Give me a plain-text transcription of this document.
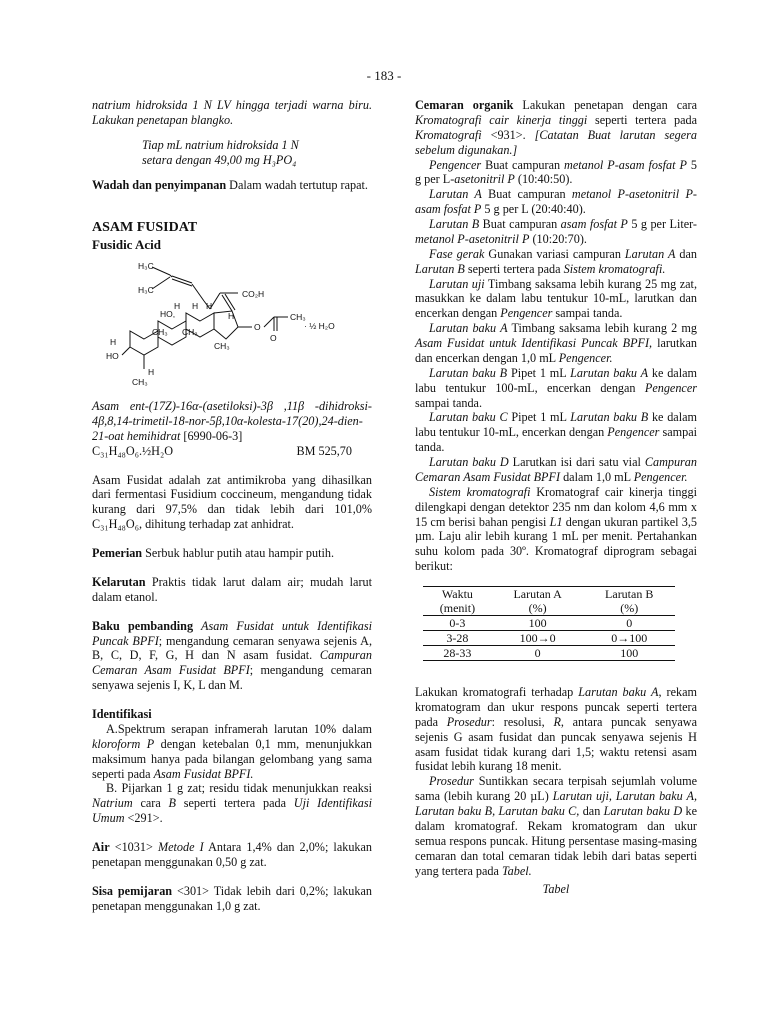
- 183 -

natrium hidroksida 1 N LV hingga terjadi warna biru. Lakukan penetapan blangko.

Tiap mL natrium hidroksida 1 N

setara dengan 49,00 mg H₃PO₄

Wadah dan penyimpanan Dalam wadah tertutup rapat.

ASAM FUSIDAT

Fusidic Acid

H₃C
H₃C	CO₂H
HO,
CH₃ CH₃
CH₃
CH₃
HO
O
O
CH₃
· ½ H₂O
H H
H
H
H
H

Asam ent-(17Z)-16α-(asetiloksi)-3β ,11β -dihidroksi-4β,8,14-trimetil-18-nor-5β,10α-kolesta-17(20),24-dien-21-oat hemihidrat [6990-06-3]

C₃₁H₄₈O₆.½H₂O	BM 525,70

Asam Fusidat adalah zat antimikroba yang dihasilkan dari fermentasi Fusidium coccineum, mengandung tidak kurang dari 97,5% dan tidak lebih dari 101,0% C₃₁H₄₈O₆, dihitung terhadap zat anhidrat.

Pemerian Serbuk hablur putih atau hampir putih.

Kelarutan Praktis tidak larut dalam air; mudah larut dalam etanol.

Baku pembanding Asam Fusidat untuk Identifikasi Puncak BPFI; mengandung cemaran senyawa sejenis A, B, C, D, F, G, H dan N asam fusidat. Campuran Cemaran Asam Fusidat BPFI; mengandung cemaran senyawa sejenis I, K, L dan M.

Identifikasi

A.Spektrum serapan inframerah larutan 10% dalam kloroform P dengan ketebalan 0,1 mm, menunjukkan maksimum hanya pada bilangan gelombang yang sama seperti pada Asam Fusidat BPFI.

B. Pijarkan 1 g zat; residu tidak menunjukkan reaksi Natrium cara B seperti tertera pada Uji Identifikasi Umum <291>.

Air <1031> Metode I Antara 1,4% dan 2,0%; lakukan penetapan menggunakan 0,50 g zat.

Sisa pemijaran <301> Tidak lebih dari 0,2%; lakukan penetapan menggunakan 1,0 g zat.

Cemaran organik Lakukan penetapan dengan cara Kromatografi cair kinerja tinggi seperti tertera pada Kromatografi <931>. [Catatan Buat larutan segera sebelum digunakan.]

Pengencer Buat campuran metanol P-asam fosfat P 5 g per L-asetonitril P (10:40:50).

Larutan A Buat campuran metanol P-asetonitril P-asam fosfat P 5 g per L (20:40:40).

Larutan B Buat campuran asam fosfat P 5 g per Liter-metanol P-asetonitril P (10:20:70).

Fase gerak Gunakan variasi campuran Larutan A dan Larutan B seperti tertera pada Sistem kromatografi.

Larutan uji Timbang saksama lebih kurang 25 mg zat, masukkan ke dalam labu tentukur 10-mL, larutkan dan encerkan dengan Pengencer sampai tanda.

Larutan baku A Timbang saksama lebih kurang 2 mg Asam Fusidat untuk Identifikasi Puncak BPFI, larutkan dan encerkan dengan 1,0 mL Pengencer.

Larutan baku B Pipet 1 mL Larutan baku A ke dalam labu tentukur 100-mL, encerkan dengan Pengencer sampai tanda.

Larutan baku C Pipet 1 mL Larutan baku B ke dalam labu tentukur 10-mL, encerkan dengan Pengencer sampai tanda.

Larutan baku D Larutkan isi dari satu vial Campuran Cemaran Asam Fusidat BPFI dalam 1,0 mL Pengencer.

Sistem kromatografi Kromatograf cair kinerja tinggi dilengkapi dengan detektor 235 nm dan kolom 4,6 mm x 15 cm berisi bahan pengisi L1 dengan ukuran partikel 3,5 µm. Laju alir lebih kurang 1 mL per menit. Pertahankan suhu kolom pada 30º. Kromatograf diprogram sebagai berikut:

Waktu	Larutan A	Larutan B
(menit)	(%)	(%)
0-3	100	0
3-28	100→0	0→100
28-33	0	100

Lakukan kromatografi terhadap Larutan baku A, rekam kromatogram dan ukur respons puncak seperti tertera pada Prosedur: resolusi, R, antara puncak senyawa sejenis G asam fusidat dan puncak senyawa sejenis H asam fusidat tidak kurang dari 1,5; waktu retensi asam fusidat lebih kurang 18 menit.

Prosedur Suntikkan secara terpisah sejumlah volume sama (lebih kurang 20 µL) Larutan uji, Larutan baku A, Larutan baku B, Larutan baku C, dan Larutan baku D ke dalam kromatograf. Rekam kromatogram dan ukur semua respons puncak. Hitung persentase masing-masing cemaran dan total cemaran tidak lebih dari batas seperti yang tertera pada Tabel.

Tabel
